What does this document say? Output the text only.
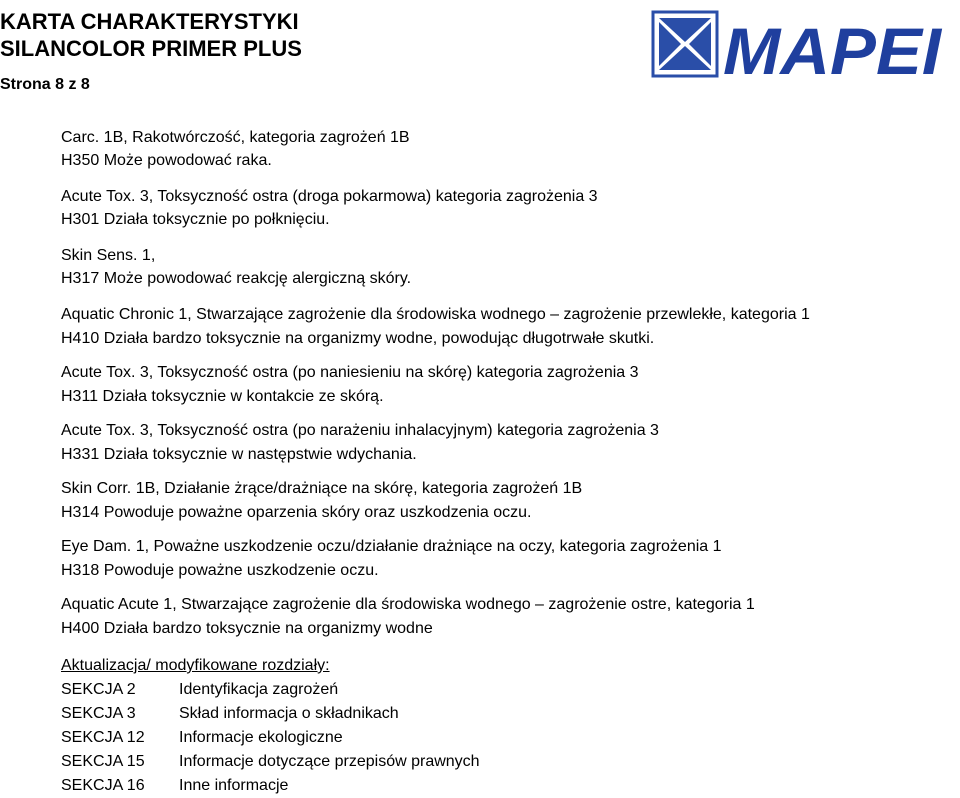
KARTA CHARAKTERYSTYKI
SILANCOLOR PRIMER PLUS
Strona 8 z 8	MAPEI
Carc. 1B, Rakotwórczość, kategoria zagrożeń 1B
H350 Może powodować raka.
Acute Tox. 3, Toksyczność ostra (droga pokarmowa) kategoria zagrożenia 3
H301 Działa toksycznie po połknięciu.
Skin Sens. 1,
H317 Może powodować reakcję alergiczną skóry.
Aquatic Chronic 1, Stwarzające zagrożenie dla środowiska wodnego – zagrożenie przewlekłe, kategoria 1
H410 Działa bardzo toksycznie na organizmy wodne, powodując długotrwałe skutki.
Acute Tox. 3, Toksyczność ostra (po naniesieniu na skórę) kategoria zagrożenia 3
H311 Działa toksycznie w kontakcie ze skórą.
Acute Tox. 3, Toksyczność ostra (po narażeniu inhalacyjnym) kategoria zagrożenia 3
H331 Działa toksycznie w następstwie wdychania.
Skin Corr. 1B, Działanie żrące/drażniące na skórę, kategoria zagrożeń 1B
H314 Powoduje poważne oparzenia skóry oraz uszkodzenia oczu.
Eye Dam. 1, Poważne uszkodzenie oczu/działanie drażniące na oczy, kategoria zagrożenia 1
H318 Powoduje poważne uszkodzenie oczu.
Aquatic Acute 1, Stwarzające zagrożenie dla środowiska wodnego – zagrożenie ostre, kategoria 1
H400 Działa bardzo toksycznie na organizmy wodne
Aktualizacja/ modyfikowane rozdziały:
SEKCJA 2	Identyfikacja zagrożeń
SEKCJA 3	Skład informacja o składnikach
SEKCJA 12	Informacje ekologiczne
SEKCJA 15	Informacje dotyczące przepisów prawnych
SEKCJA 16	Inne informacje
